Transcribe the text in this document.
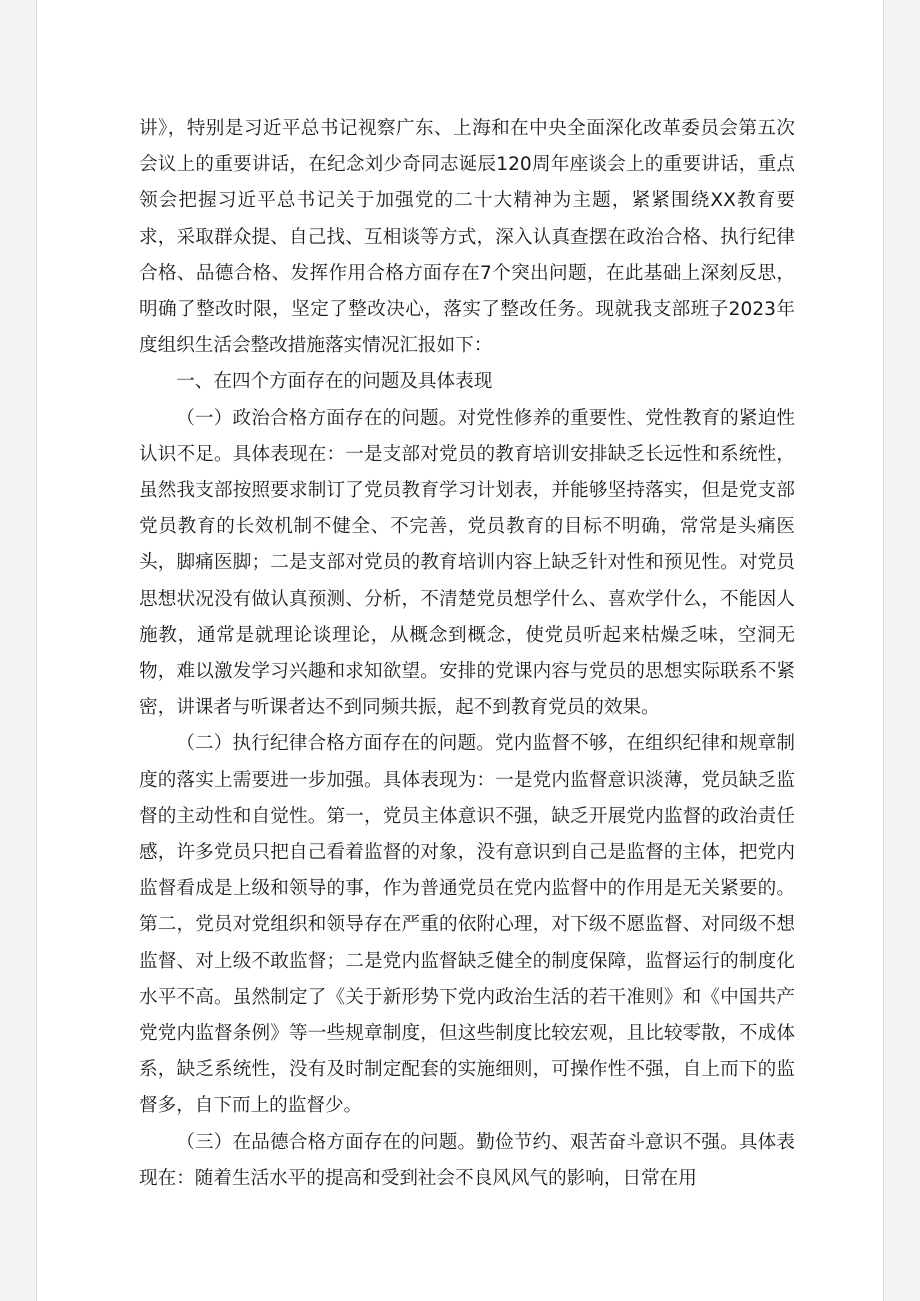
讲》，特别是习近平总书记视察广东、上海和在中央全面深化改革委员会第五次会议上的重要讲话，在纪念刘少奇同志诞辰120周年座谈会上的重要讲话，重点领会把握习近平总书记关于加强党的二十大精神为主题，紧紧围绕XX教育要求，采取群众提、自己找、互相谈等方式，深入认真查摆在政治合格、执行纪律合格、品德合格、发挥作用合格方面存在7个突出问题，在此基础上深刻反思，明确了整改时限，坚定了整改决心，落实了整改任务。现就我支部班子2023年度组织生活会整改措施落实情况汇报如下：

一、在四个方面存在的问题及具体表现

（一）政治合格方面存在的问题。对党性修养的重要性、党性教育的紧迫性认识不足。具体表现在：一是支部对党员的教育培训安排缺乏长远性和系统性，虽然我支部按照要求制订了党员教育学习计划表，并能够坚持落实，但是党支部党员教育的长效机制不健全、不完善，党员教育的目标不明确，常常是头痛医头，脚痛医脚；二是支部对党员的教育培训内容上缺乏针对性和预见性。对党员思想状况没有做认真预测、分析，不清楚党员想学什么、喜欢学什么，不能因人施教，通常是就理论谈理论，从概念到概念，使党员听起来枯燥乏味，空洞无物，难以激发学习兴趣和求知欲望。安排的党课内容与党员的思想实际联系不紧密，讲课者与听课者达不到同频共振，起不到教育党员的效果。

（二）执行纪律合格方面存在的问题。党内监督不够，在组织纪律和规章制度的落实上需要进一步加强。具体表现为：一是党内监督意识淡薄，党员缺乏监督的主动性和自觉性。第一，党员主体意识不强，缺乏开展党内监督的政治责任感，许多党员只把自己看着监督的对象，没有意识到自己是监督的主体，把党内监督看成是上级和领导的事，作为普通党员在党内监督中的作用是无关紧要的。第二，党员对党组织和领导存在严重的依附心理，对下级不愿监督、对同级不想监督、对上级不敢监督；二是党内监督缺乏健全的制度保障，监督运行的制度化水平不高。虽然制定了《关于新形势下党内政治生活的若干准则》和《中国共产党党内监督条例》等一些规章制度，但这些制度比较宏观，且比较零散，不成体系，缺乏系统性，没有及时制定配套的实施细则，可操作性不强，自上而下的监督多，自下而上的监督少。

（三）在品德合格方面存在的问题。勤俭节约、艰苦奋斗意识不强。具体表现在：随着生活水平的提高和受到社会不良风风气的影响，日常在用
